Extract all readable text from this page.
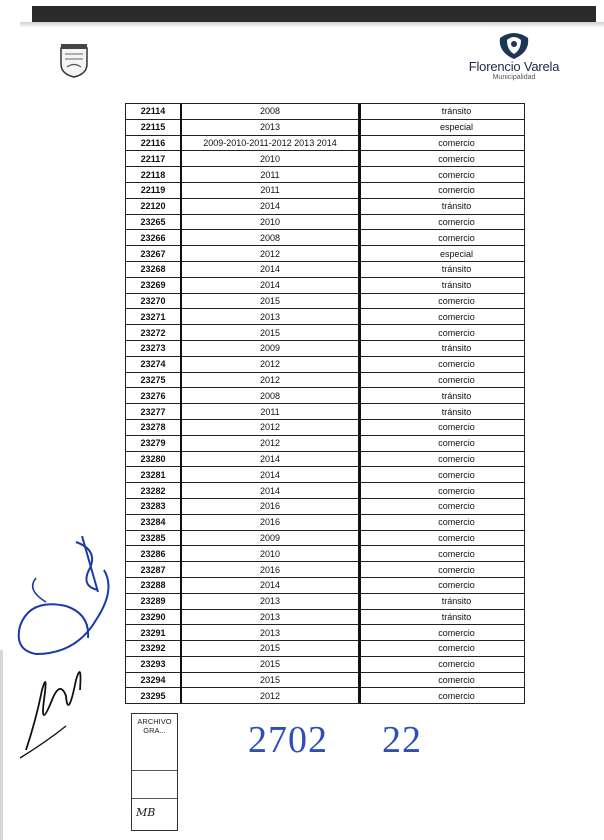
Florencio Varela
Municipalidad
22114	2008	tránsito
22115	2013	especial
22116	2009-2010-2011-2012 2013 2014	comercio
22117	2010	comercio
22118	2011	comercio
22119	2011	comercio
22120	2014	tránsito
23265	2010	comercio
23266	2008	comercio
23267	2012	especial
23268	2014	tránsito
23269	2014	tránsito
23270	2015	comercio
23271	2013	comercio
23272	2015	comercio
23273	2009	tránsito
23274	2012	comercio
23275	2012	comercio
23276	2008	tránsito
23277	2011	tránsito
23278	2012	comercio
23279	2012	comercio
23280	2014	comercio
23281	2014	comercio
23282	2014	comercio
23283	2016	comercio
23284	2016	comercio
23285	2009	comercio
23286	2010	comercio
23287	2016	comercio
23288	2014	comercio
23289	2013	tránsito
23290	2013	tránsito
23291	2013	comercio
23292	2015	comercio
23293	2015	comercio
23294	2015	comercio
23295	2012	comercio
ARCHIVO GRA...
MB
2702 22
